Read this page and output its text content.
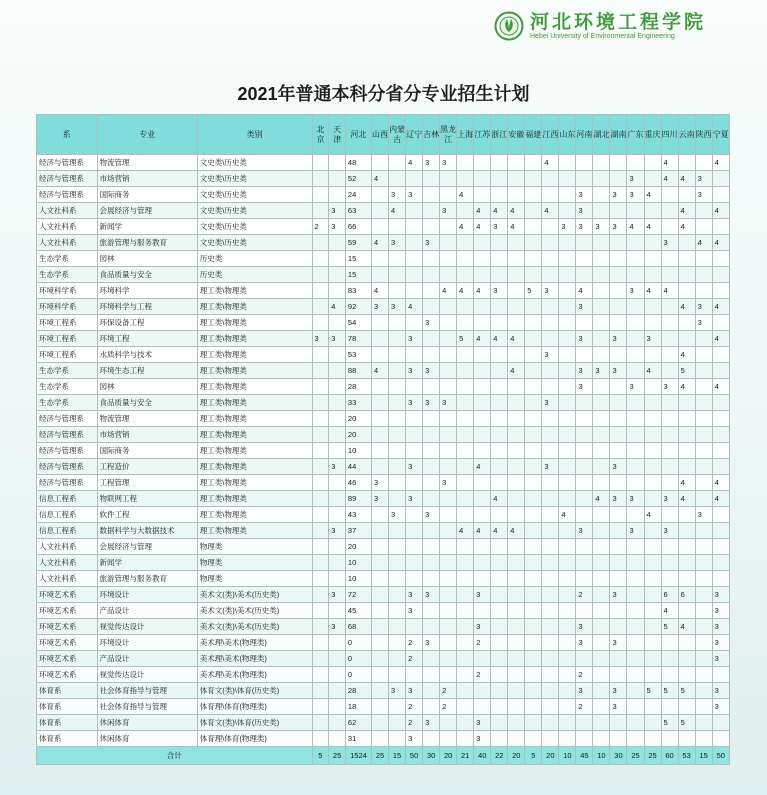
河北环境工程学院
Hebei University of Environmental Engineering
2021年普通本科分省分专业招生计划
系	专业	类别	北京	天津	河北	山西	内蒙古	辽宁	吉林	黑龙江	上海	江苏	浙江	安徽	福建	江西	山东	河南	湖北	湖南	广东	重庆	四川	云南	陕西	宁夏
经济与管理系	物流管理	文史类\历史类			48			4	3	3						4							4			4
经济与管理系	市场营销	文史类\历史类			52	4															3		4	4	3	
经济与管理系	国际商务	文史类\历史类			24		3	3			4							3		3	3	4			3	
人文社科系	会展经济与管理	文史类\历史类		3	63		4			3		4	4	4		4		3						4		4
人文社科系	新闻学	文史类\历史类	2	3	66						4	4	3	4			3	3	3	3	4	4		4		
人文社科系	旅游管理与服务教育	文史类\历史类			59	4	3		3														3		4	4
生态学系	园林	历史类			15																					
生态学系	食品质量与安全	历史类			15																					
环境科学系	环境科学	理工类\物理类			83	4				4	4	4	3		5	3		4			3	4	4			
环境科学系	环境科学与工程	理工类\物理类		4	92	3	3	4										3						4	3	4
环境工程系	环保设备工程	理工类\物理类			54				3																3	
环境工程系	环境工程	理工类\物理类	3	3	78			3			5	4	4	4				3		3		3				4
环境工程系	水质科学与技术	理工类\物理类			53											3								4		
生态学系	环境生态工程	理工类\物理类			88	4		3	3					4				3	3	3		4		5		
生态学系	园林	理工类\物理类			28													3			3		3	4		4
生态学系	食品质量与安全	理工类\物理类			33			3	3	3						3										
经济与管理系	物流管理	理工类\物理类			20																					
经济与管理系	市场营销	理工类\物理类			20																					
经济与管理系	国际商务	理工类\物理类			10																					
经济与管理系	工程造价	理工类\物理类		3	44			3				4				3				3						
经济与管理系	工程管理	理工类\物理类			46	3				3														4		4
信息工程系	物联网工程	理工类\物理类			89	3		3					4						4	3	3		3	4		4
信息工程系	软件工程	理工类\物理类			43		3		3								4					4			3	
信息工程系	数据科学与大数据技术	理工类\物理类		3	37						4	4	4	4				3			3		3			
人文社科系	会展经济与管理	物理类			20																					
人文社科系	新闻学	物理类			10																					
人文社科系	旅游管理与服务教育	物理类			10																					
环境艺术系	环境设计	美术文(类)\美术(历史类)		3	72			3	3			3						2		3			6	6		3
环境艺术系	产品设计	美术文(类)\美术(历史类)			45			3															4			3
环境艺术系	视觉传达设计	美术文(类)\美术(历史类)		3	68							3						3					5	4		3
环境艺术系	环境设计	美术理\美术(物理类)			0			2	3			2						3		3						3
环境艺术系	产品设计	美术理\美术(物理类)			0			2																		3
环境艺术系	视觉传达设计	美术理\美术(物理类)			0							2						2								
体育系	社会体育指导与管理	体育文(类)\体育(历史类)			28		3	3		2								3		3		5	5	5		3
体育系	社会体育指导与管理	体育理\体育(物理类)			18			2		2								2		3						3
体育系	休闲体育	体育文(类)\体育(历史类)			62			2	3			3											5	5		
体育系	休闲体育	体育理\体育(物理类)			31			3				3														
合计			5	25	1524	25	15	50	30	20	21	40	22	20	5	20	10	45	10	30	25	25	60	53	15	50
